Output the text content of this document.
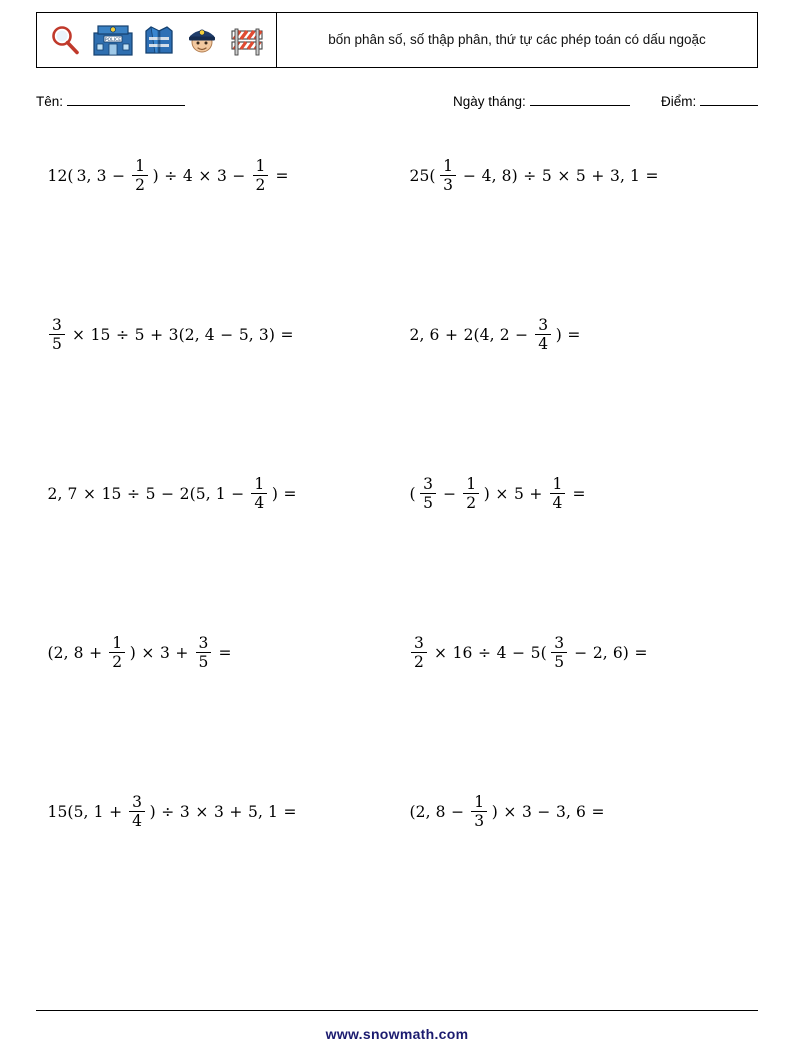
POLICE	bốn phân số, số thập phân, thứ tự các phép toán có dấu ngoặc
Tên:	Ngày tháng:	Điểm:
12( 3, $3 - \frac{1}{2}$ ) ÷ $4 \times 3 - \frac{1}{2}$ =	$25( \frac{1}{3} - 4$, 8) ÷ 5 × 5 + 3, 1 =
$\frac{3}{5} \times 15 \div 5 + 3(2$, 4 − 5, 3) =	2, 6 + 2(4, $2 - \frac{3}{4}$ ) =
2, 7 × 15 ÷ 5 − 2(5, $1 - \frac{1}{4}$ ) =	( $\frac{3}{5} - \frac{1}{2}$ ) × $5 + \frac{1}{4}$ =
(2, $8 + \frac{1}{2}$ ) × $3 + \frac{3}{5}$ =	$\frac{3}{2} \times 16 \div 4 - 5( \frac{3}{5} - 2$, 6) =
15(5, $1 + \frac{3}{4}$ ) ÷ 3 × 3 + 5, 1 =	(2, $8 - \frac{1}{3}$ ) × 3 − 3, 6 =
www.snowmath.com
